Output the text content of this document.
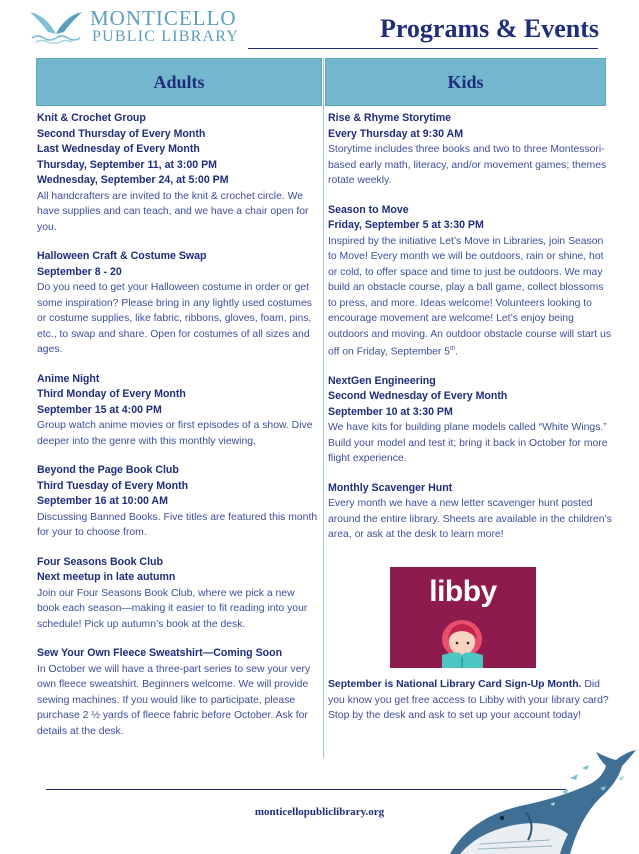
MONTICELLO
PUBLIC LIBRARY	Programs & Events
Adults	Kids
Knit & Crochet Group
Second Thursday of Every Month
Last Wednesday of Every Month
Thursday, September 11, at 3:00 PM
Wednesday, September 24, at 5:00 PM
All handcrafters are invited to the knit & crochet circle. We have supplies and can teach, and we have a chair open for you.
Halloween Craft & Costume Swap
September 8 - 20
Do you need to get your Halloween costume in order or get some inspiration? Please bring in any lightly used costumes or costume supplies, like fabric, ribbons, gloves, foam, pins, etc., to swap and share. Open for costumes of all sizes and ages.
Anime Night
Third Monday of Every Month
September 15 at 4:00 PM
Group watch anime movies or first episodes of a show. Dive deeper into the genre with this monthly viewing.
Beyond the Page Book Club
Third Tuesday of Every Month
September 16 at 10:00 AM
Discussing Banned Books. Five titles are featured this month for your to choose from.
Four Seasons Book Club
Next meetup in late autumn
Join our Four Seasons Book Club, where we pick a new book each season—making it easier to fit reading into your schedule! Pick up autumn’s book at the desk.
Sew Your Own Fleece Sweatshirt—Coming Soon
In October we will have a three-part series to sew your very own fleece sweatshirt. Beginners welcome. We will provide sewing machines. If you would like to participate, please purchase 2 ½ yards of fleece fabric before October. Ask for details at the desk.
Rise & Rhyme Storytime
Every Thursday at 9:30 AM
Storytime includes three books and two to three Montessori-based early math, literacy, and/or movement games; themes rotate weekly.
Season to Move
Friday, September 5 at 3:30 PM
Inspired by the initiative Let’s Move in Libraries, join Season to Move! Every month we will be outdoors, rain or shine, hot or cold, to offer space and time to just be outdoors. We may build an obstacle course, play a ball game, collect blossoms to press, and more. Ideas welcome! Volunteers looking to encourage movement are welcome! Let’s enjoy being outdoors and moving. An outdoor obstacle course will start us off on Friday, September 5th.
NextGen Engineering
Second Wednesday of Every Month
September 10 at 3:30 PM
We have kits for building plane models called “White Wings.” Build your model and test it; bring it back in October for more flight experience.
Monthly Scavenger Hunt
Every month we have a new letter scavenger hunt posted around the entire library. Sheets are available in the children’s area, or ask at the desk to learn more!
libby
September is National Library Card Sign-Up Month. Did you know you get free access to Libby with your library card? Stop by the desk and ask to set up your account today!
monticellopubliclibrary.org
